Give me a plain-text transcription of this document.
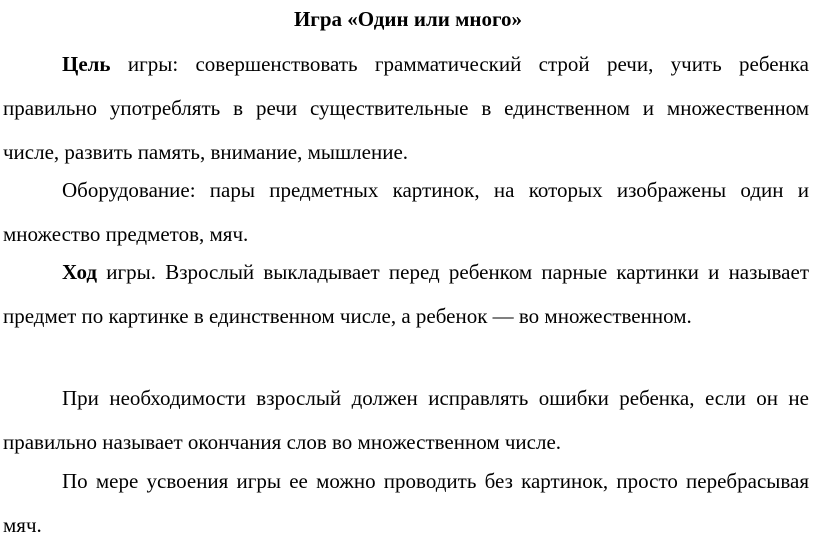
Игра «Один или много»

Цель игры: совершенствовать грамматический строй речи, учить ребенка правильно употреблять в речи существительные в единственном и множественном числе, развить память, внимание, мышление.

Оборудование: пары предметных картинок, на которых изображены один и множество предметов, мяч.

Ход игры. Взрослый выкладывает перед ребенком парные картинки и называет предмет по картинке в единственном числе, а ребенок — во множественном.

При необходимости взрослый должен исправлять ошибки ребенка, если он не правильно называет окончания слов во множественном числе.

По мере усвоения игры ее можно проводить без картинок, просто перебрасывая мяч.
